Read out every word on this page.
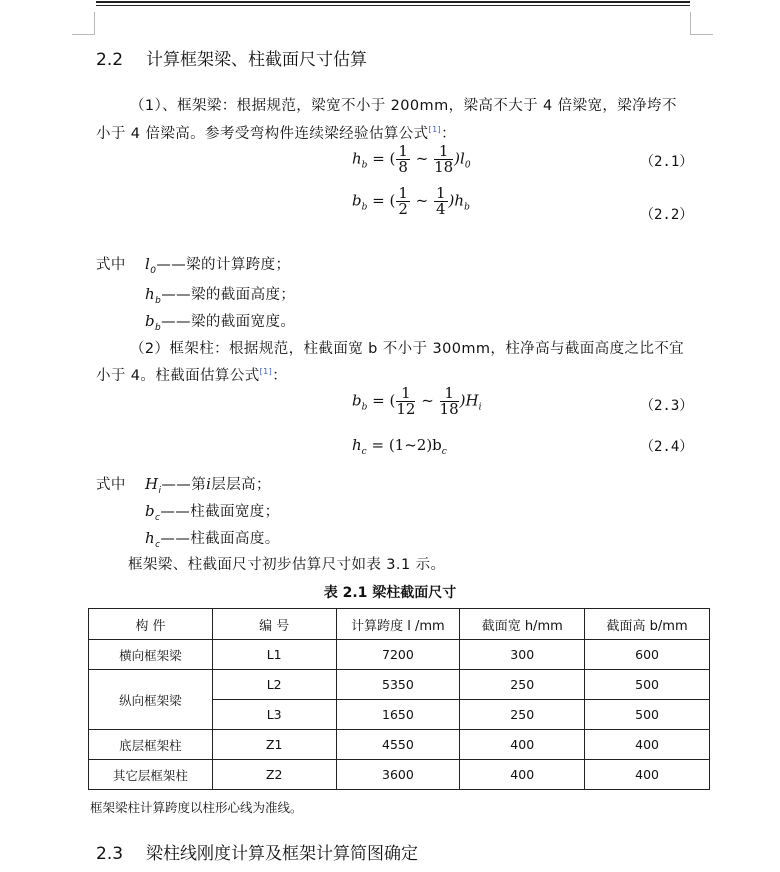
2.2 计算框架梁、柱截面尺寸估算
（1）、框架梁：根据规范，梁宽不小于 200mm，梁高不大于 4 倍梁宽，梁净垮不
小于 4 倍梁高。参考受弯构件连续梁经验估算公式[1]：
$h_b$ = ( $\frac{1}{8}$ ~ $\frac{1}{18} )l_0$	（2.1）
$b_b$ = ( $\frac{1}{2}$ ~ $\frac{1}{4} )h_b$	（2.2）
式中 $l_0——$梁的计算跨度；
$h_b——$梁的截面高度；
$b_b——$梁的截面宽度。
（2）框架柱：根据规范，柱截面宽 b 不小于 300mm，柱净高与截面高度之比不宜
小于 4。柱截面估算公式[1]：
$b_b$ = ( $\frac{1}{12}$ ~ $\frac{1}{18} )H_i$	（2.3）
$h_c$ = $(1\sim 2)b_c$	（2.4）
式中 $H_i——$第i层层高；
$b_c——$柱截面宽度；
$h_c——$柱截面高度。
框架梁、柱截面尺寸初步估算尺寸如表 3.1 示。
表 2.1 梁柱截面尺寸
构 件	编 号	计算跨度 l /mm	截面宽 h/mm	截面高 b/mm
横向框架梁	L1	7200	300	600
纵向框架梁	L2	5350	250	500
	L3	1650	250	500
底层框架柱	Z1	4550	400	400
其它层框架柱	Z2	3600	400	400
框架梁柱计算跨度以柱形心线为准线。
2.3 梁柱线刚度计算及框架计算简图确定
